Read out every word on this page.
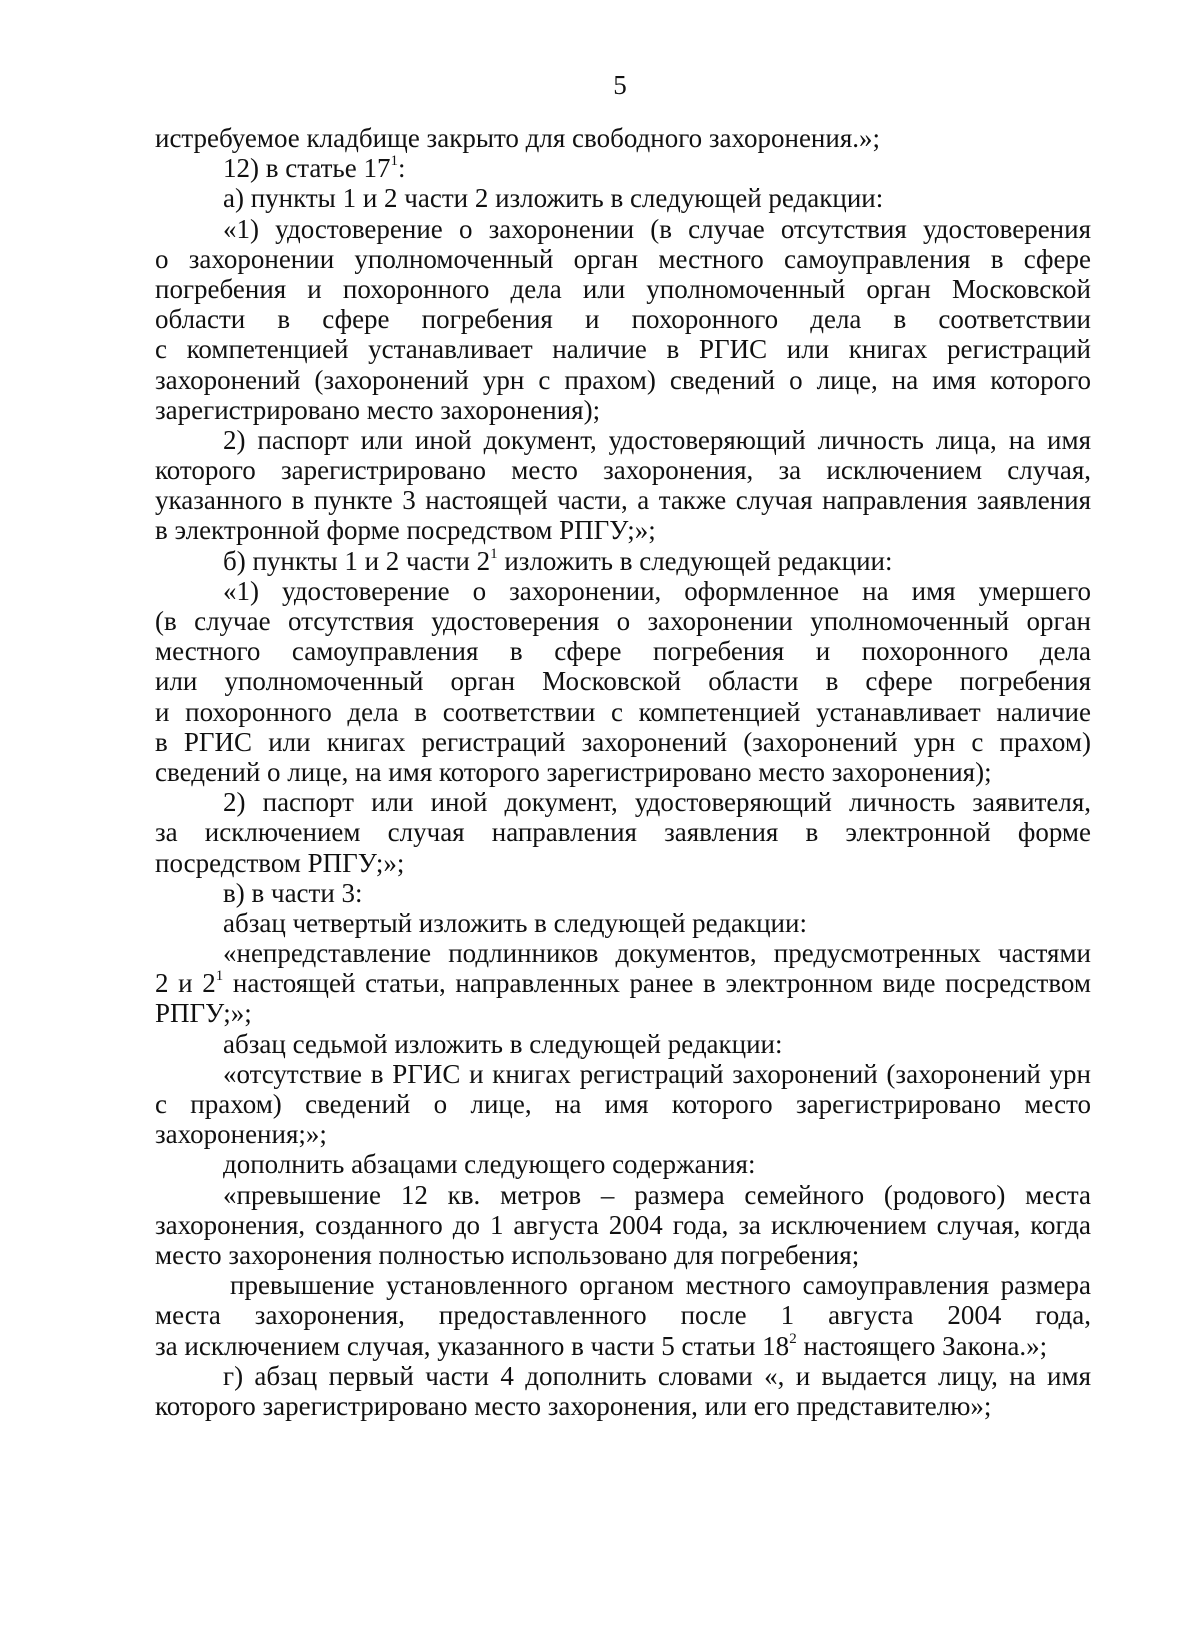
5
истребуемое кладбище закрыто для свободного захоронения.»;
12) в статье $17^1$:
а) пункты 1 и 2 части 2 изложить в следующей редакции:
«1) удостоверение о захоронении (в случае отсутствия удостоверения
о захоронении уполномоченный орган местного самоуправления в сфере
погребения и похоронного дела или уполномоченный орган Московской
области в сфере погребения и похоронного дела в соответствии
с компетенцией устанавливает наличие в РГИС или книгах регистраций
захоронений (захоронений урн с прахом) сведений о лице, на имя которого
зарегистрировано место захоронения);
2) паспорт или иной документ, удостоверяющий личность лица, на имя
которого зарегистрировано место захоронения, за исключением случая,
указанного в пункте 3 настоящей части, а также случая направления заявления
в электронной форме посредством РПГУ;»;
б) пункты 1 и 2 части $2^1$ изложить в следующей редакции:
«1) удостоверение о захоронении, оформленное на имя умершего
(в случае отсутствия удостоверения о захоронении уполномоченный орган
местного самоуправления в сфере погребения и похоронного дела
или уполномоченный орган Московской области в сфере погребения
и похоронного дела в соответствии с компетенцией устанавливает наличие
в РГИС или книгах регистраций захоронений (захоронений урн с прахом)
сведений о лице, на имя которого зарегистрировано место захоронения);
2) паспорт или иной документ, удостоверяющий личность заявителя,
за исключением случая направления заявления в электронной форме
посредством РПГУ;»;
в) в части 3:
абзац четвертый изложить в следующей редакции:
«непредставление подлинников документов, предусмотренных частями
2 и $2^1$ настоящей статьи, направленных ранее в электронном виде посредством
РПГУ;»;
абзац седьмой изложить в следующей редакции:
«отсутствие в РГИС и книгах регистраций захоронений (захоронений урн
с прахом) сведений о лице, на имя которого зарегистрировано место
захоронения;»;
дополнить абзацами следующего содержания:
«превышение 12 кв. метров – размера семейного (родового) места
захоронения, созданного до 1 августа 2004 года, за исключением случая, когда
место захоронения полностью использовано для погребения;
превышение установленного органом местного самоуправления размера
места захоронения, предоставленного после 1 августа 2004 года,
за исключением случая, указанного в части 5 статьи $18^2$ настоящего Закона.»;
г) абзац первый части 4 дополнить словами «, и выдается лицу, на имя
которого зарегистрировано место захоронения, или его представителю»;
